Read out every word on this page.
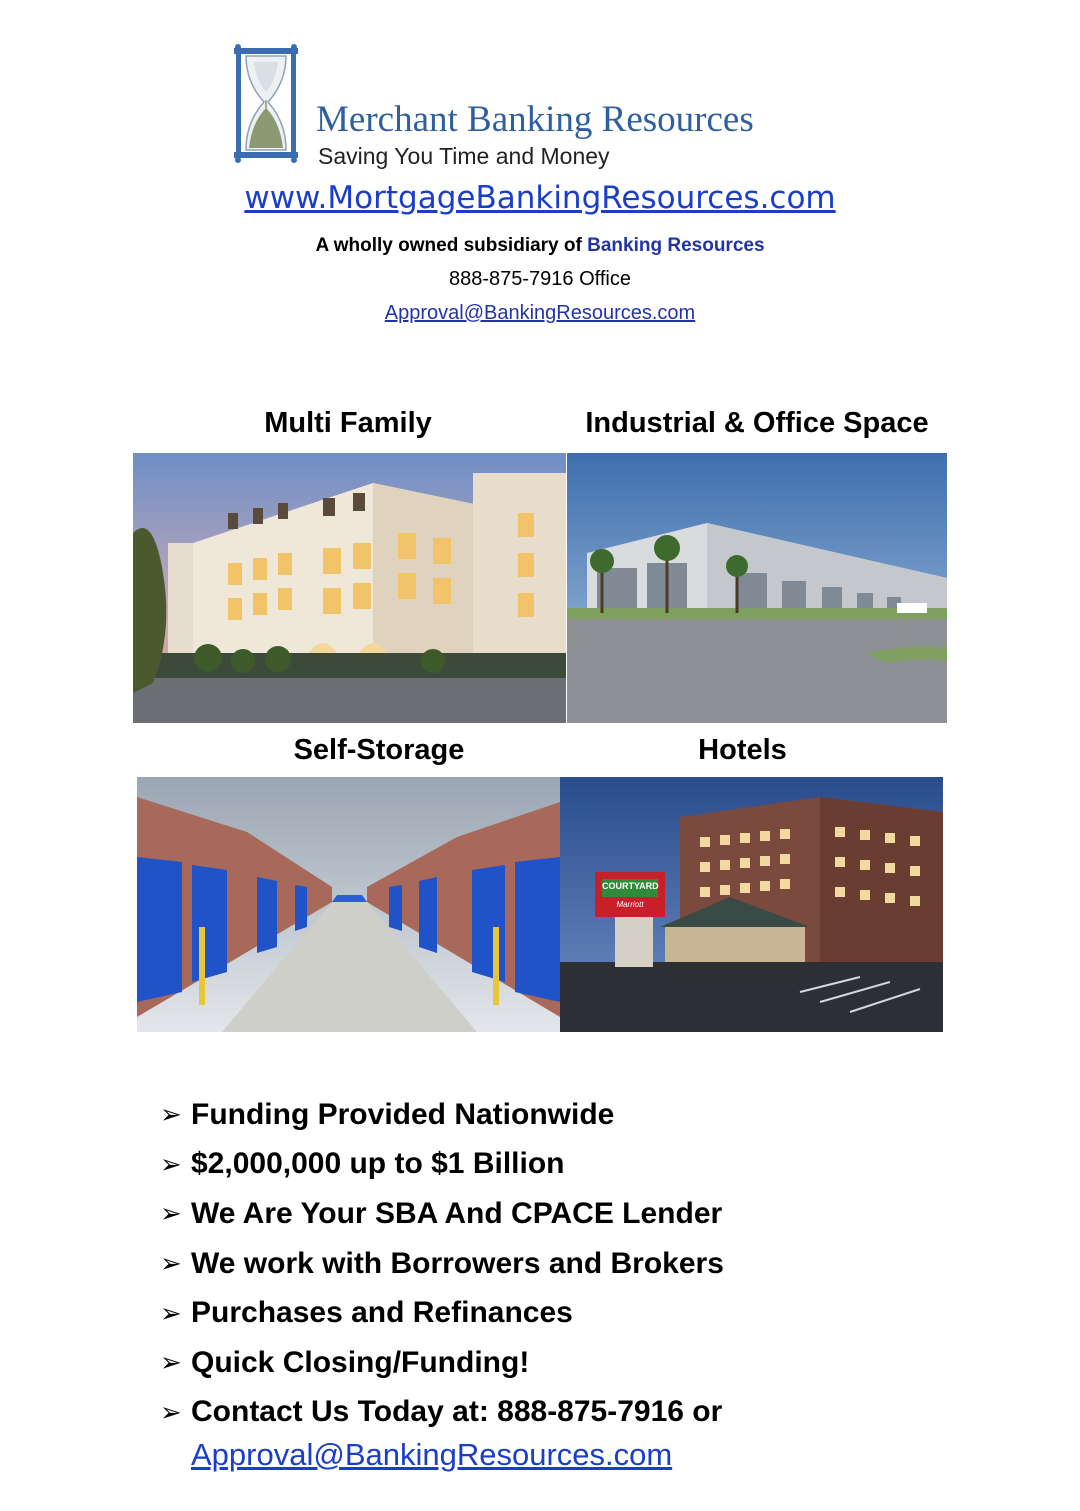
Merchant Banking Resources
Saving You Time and Money
www.MortgageBankingResources.com
A wholly owned subsidiary of Banking Resources
888-875-7916 Office
Approval@BankingResources.com
Multi Family	Industrial & Office Space
Self-Storage	Hotels
COURTYARD
Marriott
➢ Funding Provided Nationwide
➢ $2,000,000 up to $1 Billion
➢ We Are Your SBA And CPACE Lender
➢ We work with Borrowers and Brokers
➢ Purchases and Refinances
➢ Quick Closing/Funding!
➢ Contact Us Today at: 888-875-7916 or
Approval@BankingResources.com
